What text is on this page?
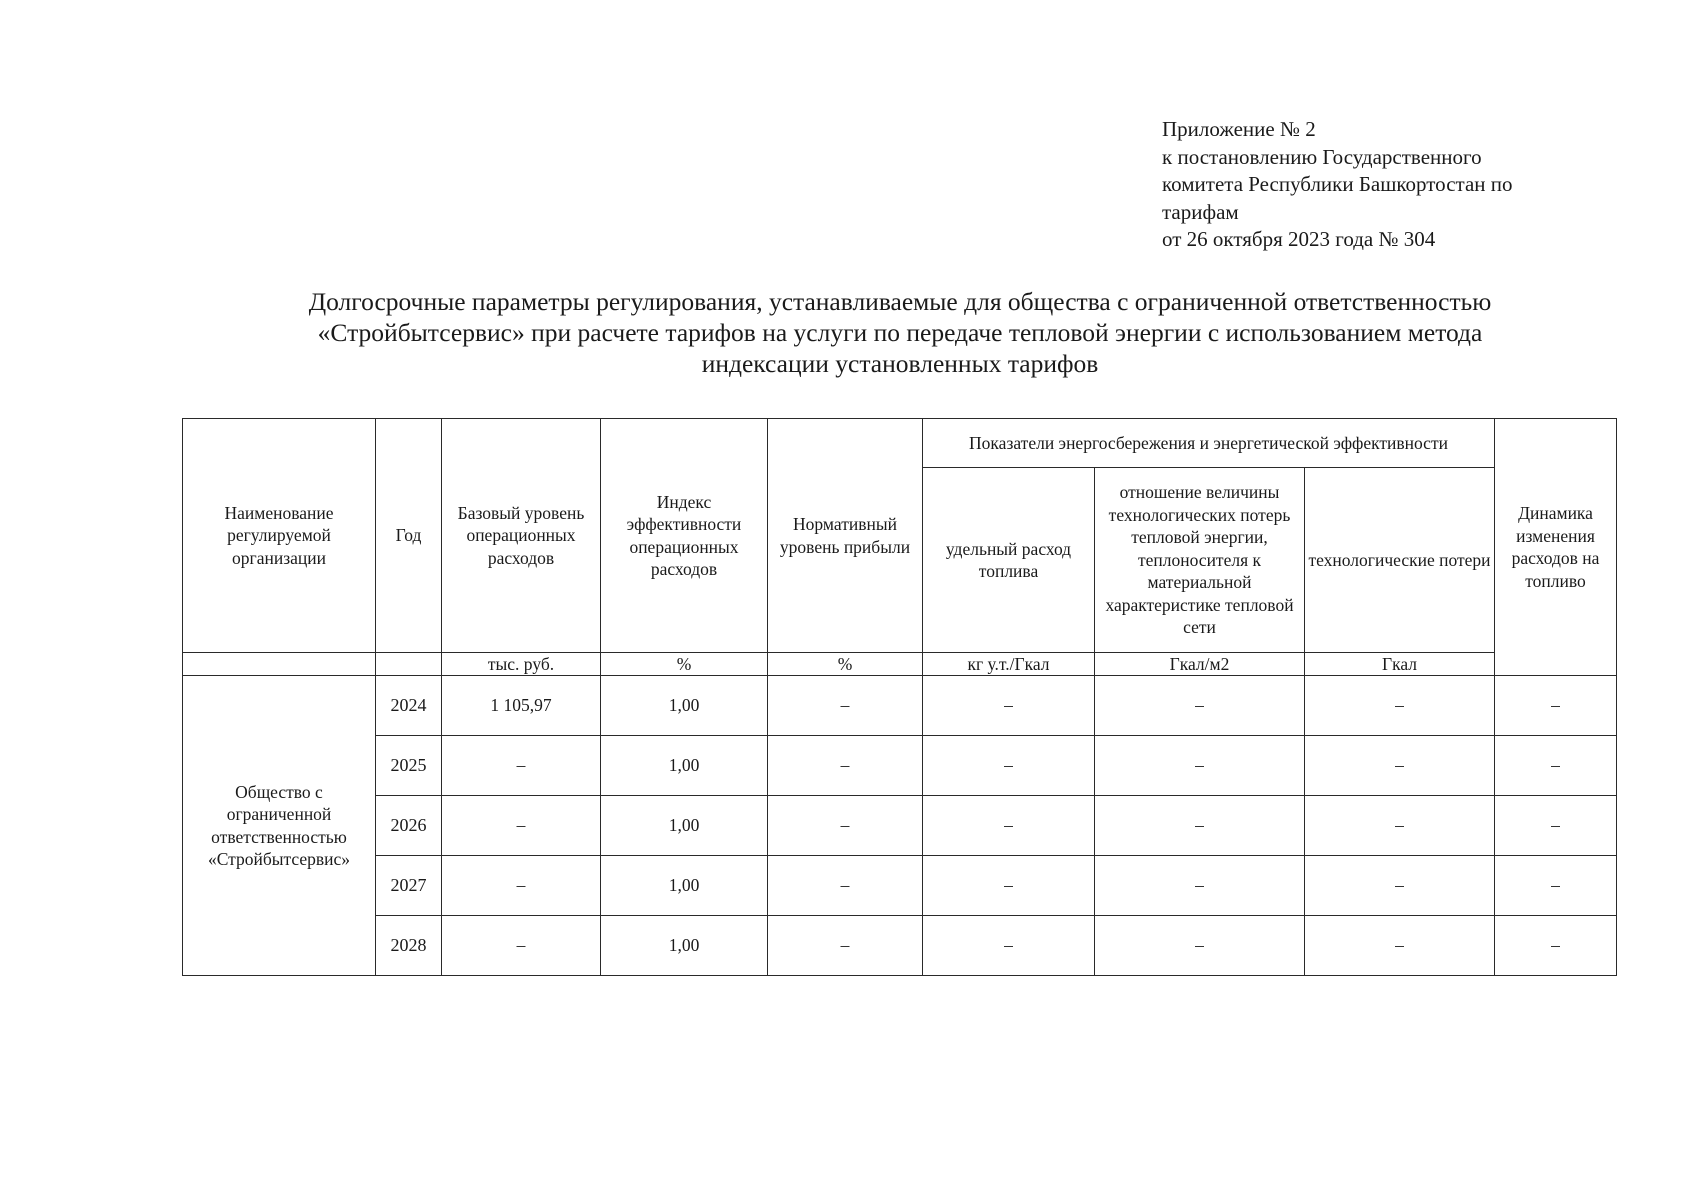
Приложение № 2
к постановлению Государственного
комитета Республики Башкортостан по
тарифам
от 26 октября 2023 года № 304
Долгосрочные параметры регулирования, устанавливаемые для общества с ограниченной ответственностью
«Стройбытсервис» при расчете тарифов на услуги по передаче тепловой энергии с использованием метода
индексации установленных тарифов
Наименование регулируемой организации	Год	Базовый уровень операционных расходов	Индекс эффективности операционных расходов	Нормативный уровень прибыли	Показатели энергосбережения и энергетической эффективности			Динамика изменения расходов на топливо
					удельный расход топлива	отношение величины технологических потерь тепловой энергии, теплоносителя к материальной характеристике тепловой сети	технологические потери	
		тыс. руб.	%	%	кг у.т./Гкал	Гкал/м2	Гкал	
Общество с ограниченной ответственностью «Стройбытсервис»	2024	1 105,97	1,00	–	–	–	–	–
	2025	–	1,00	–	–	–	–	–
	2026	–	1,00	–	–	–	–	–
	2027	–	1,00	–	–	–	–	–
	2028	–	1,00	–	–	–	–	–
